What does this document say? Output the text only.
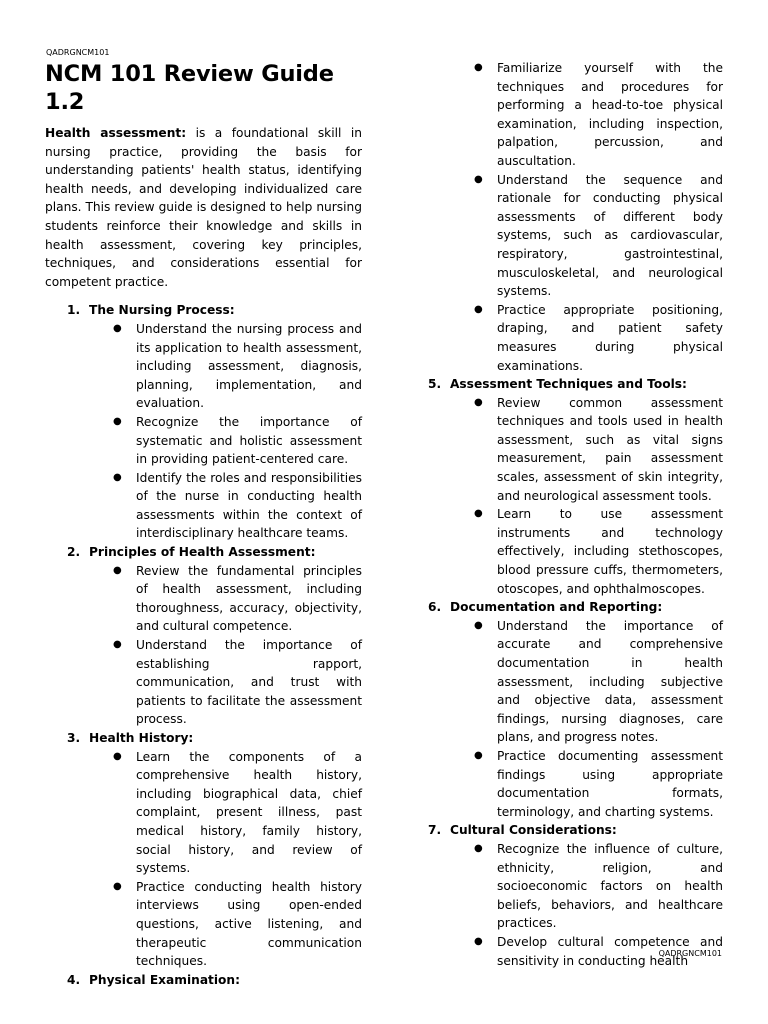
QADRGNCM101
NCM 101 Review Guide 1.2

Health assessment: is a foundational skill in nursing practice, providing the basis for understanding patients' health status, identifying health needs, and developing individualized care plans. This review guide is designed to help nursing students reinforce their knowledge and skills in health assessment, covering key principles, techniques, and considerations essential for competent practice.

1. The Nursing Process:
●	Understand the nursing process and its application to health assessment, including assessment, diagnosis, planning, implementation, and evaluation.
●	Recognize the importance of systematic and holistic assessment in providing patient-centered care.
●	Identify the roles and responsibilities of the nurse in conducting health assessments within the context of interdisciplinary healthcare teams.
2. Principles of Health Assessment:
●	Review the fundamental principles of health assessment, including thoroughness, accuracy, objectivity, and cultural competence.
●	Understand the importance of establishing rapport, communication, and trust with patients to facilitate the assessment process.
3. Health History:
●	Learn the components of a comprehensive health history, including biographical data, chief complaint, present illness, past medical history, family history, social history, and review of systems.
●	Practice conducting health history interviews using open-ended questions, active listening, and therapeutic communication techniques.
4. Physical Examination:
●	Familiarize yourself with the techniques and procedures for performing a head-to-toe physical examination, including inspection, palpation, percussion, and auscultation.
●	Understand the sequence and rationale for conducting physical assessments of different body systems, such as cardiovascular, respiratory, gastrointestinal, musculoskeletal, and neurological systems.
●	Practice appropriate positioning, draping, and patient safety measures during physical examinations.
5. Assessment Techniques and Tools:
●	Review common assessment techniques and tools used in health assessment, such as vital signs measurement, pain assessment scales, assessment of skin integrity, and neurological assessment tools.
●	Learn to use assessment instruments and technology effectively, including stethoscopes, blood pressure cuffs, thermometers, otoscopes, and ophthalmoscopes.
6. Documentation and Reporting:
●	Understand the importance of accurate and comprehensive documentation in health assessment, including subjective and objective data, assessment findings, nursing diagnoses, care plans, and progress notes.
●	Practice documenting assessment findings using appropriate documentation formats, terminology, and charting systems.
7. Cultural Considerations:
●	Recognize the influence of culture, ethnicity, religion, and socioeconomic factors on health beliefs, behaviors, and healthcare practices.
●	Develop cultural competence and sensitivity in conducting health
QADRGNCM101
